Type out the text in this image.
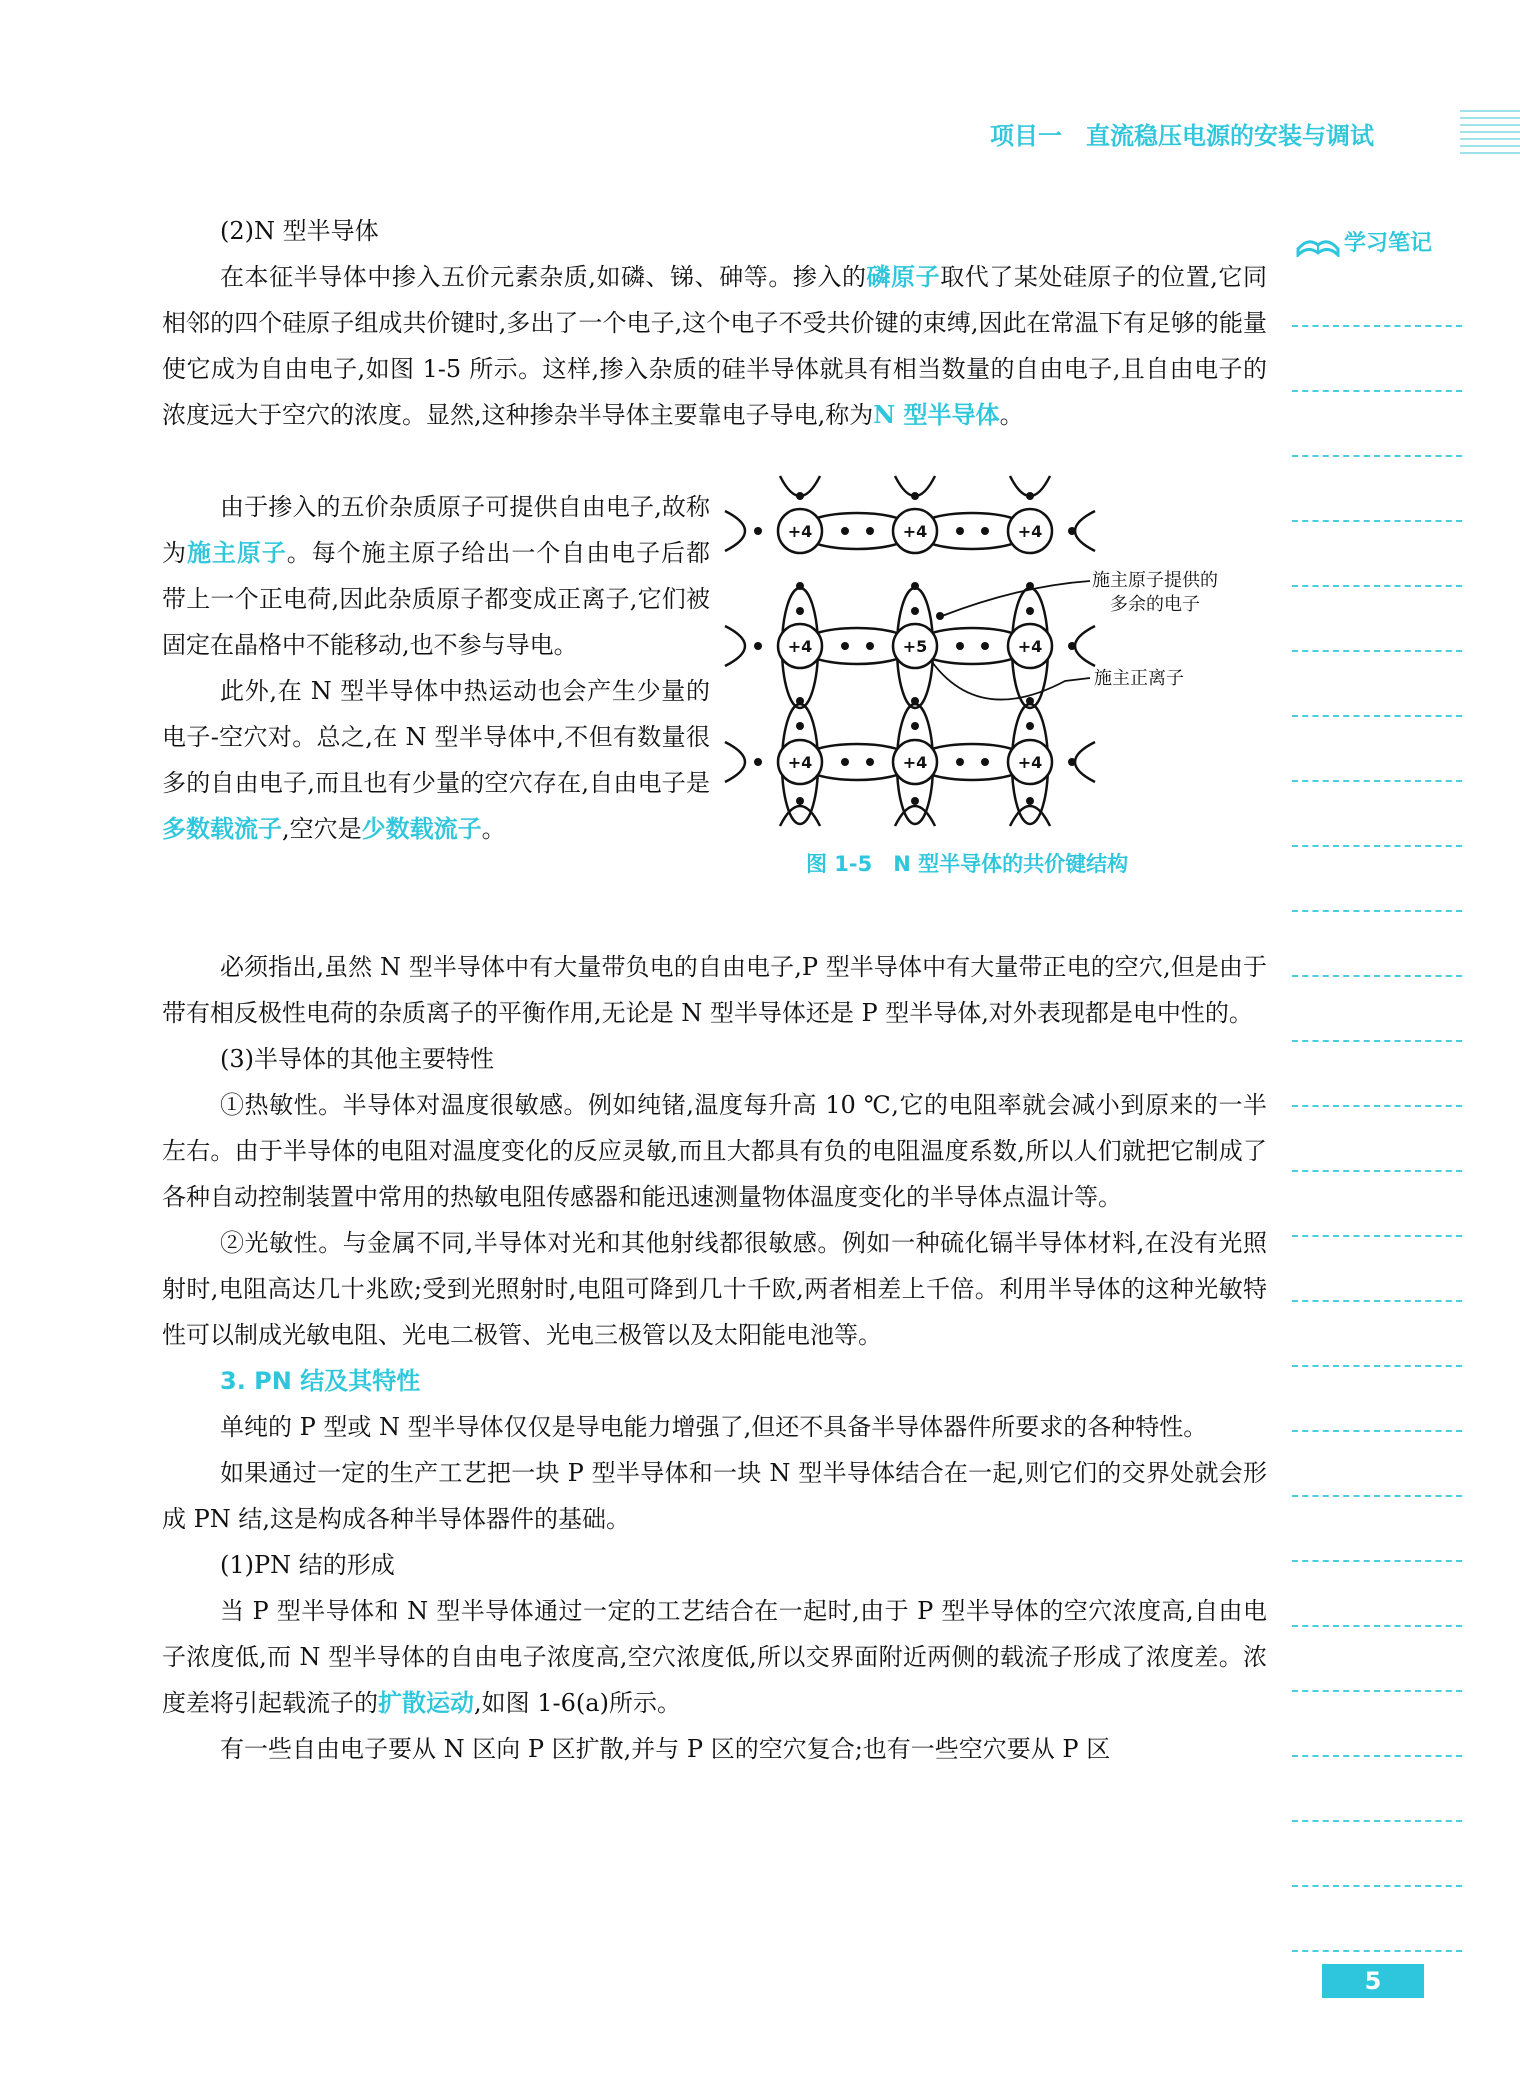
项目一　直流稳压电源的安装与调试
学习笔记

(2)N 型半导体

在本征半导体中掺入五价元素杂质,如磷、锑、砷等。掺入的磷原子取代了某处硅原子的位置,它同相邻的四个硅原子组成共价键时,多出了一个电子,这个电子不受共价键的束缚,因此在常温下有足够的能量使它成为自由电子,如图 1-5 所示。这样,掺入杂质的硅半导体就具有相当数量的自由电子,且自由电子的浓度远大于空穴的浓度。显然,这种掺杂半导体主要靠电子导电,称为N 型半导体。

由于掺入的五价杂质原子可提供自由电子,故称为施主原子。每个施主原子给出一个自由电子后都带上一个正电荷,因此杂质原子都变成正离子,它们被固定在晶格中不能移动,也不参与导电。

此外,在 N 型半导体中热运动也会产生少量的电子-空穴对。总之,在 N 型半导体中,不但有数量很多的自由电子,而且也有少量的空穴存在,自由电子是多数载流子,空穴是少数载流子。

+4	+4	+4
+4	+5	+4
+4	+4	+4
施主原子提供的
多余的电子
施主正离子
图 1-5　N 型半导体的共价键结构

必须指出,虽然 N 型半导体中有大量带负电的自由电子,P 型半导体中有大量带正电的空穴,但是由于带有相反极性电荷的杂质离子的平衡作用,无论是 N 型半导体还是 P 型半导体,对外表现都是电中性的。

(3)半导体的其他主要特性

①热敏性。半导体对温度很敏感。例如纯锗,温度每升高 10 ℃,它的电阻率就会减小到原来的一半左右。由于半导体的电阻对温度变化的反应灵敏,而且大都具有负的电阻温度系数,所以人们就把它制成了各种自动控制装置中常用的热敏电阻传感器和能迅速测量物体温度变化的半导体点温计等。

②光敏性。与金属不同,半导体对光和其他射线都很敏感。例如一种硫化镉半导体材料,在没有光照射时,电阻高达几十兆欧;受到光照射时,电阻可降到几十千欧,两者相差上千倍。利用半导体的这种光敏特性可以制成光敏电阻、光电二极管、光电三极管以及太阳能电池等。

3. PN 结及其特性

单纯的 P 型或 N 型半导体仅仅是导电能力增强了,但还不具备半导体器件所要求的各种特性。

如果通过一定的生产工艺把一块 P 型半导体和一块 N 型半导体结合在一起,则它们的交界处就会形成 PN 结,这是构成各种半导体器件的基础。

(1)PN 结的形成

当 P 型半导体和 N 型半导体通过一定的工艺结合在一起时,由于 P 型半导体的空穴浓度高,自由电子浓度低,而 N 型半导体的自由电子浓度高,空穴浓度低,所以交界面附近两侧的载流子形成了浓度差。浓度差将引起载流子的扩散运动,如图 1-6(a)所示。

有一些自由电子要从 N 区向 P 区扩散,并与 P 区的空穴复合;也有一些空穴要从 P 区

5
